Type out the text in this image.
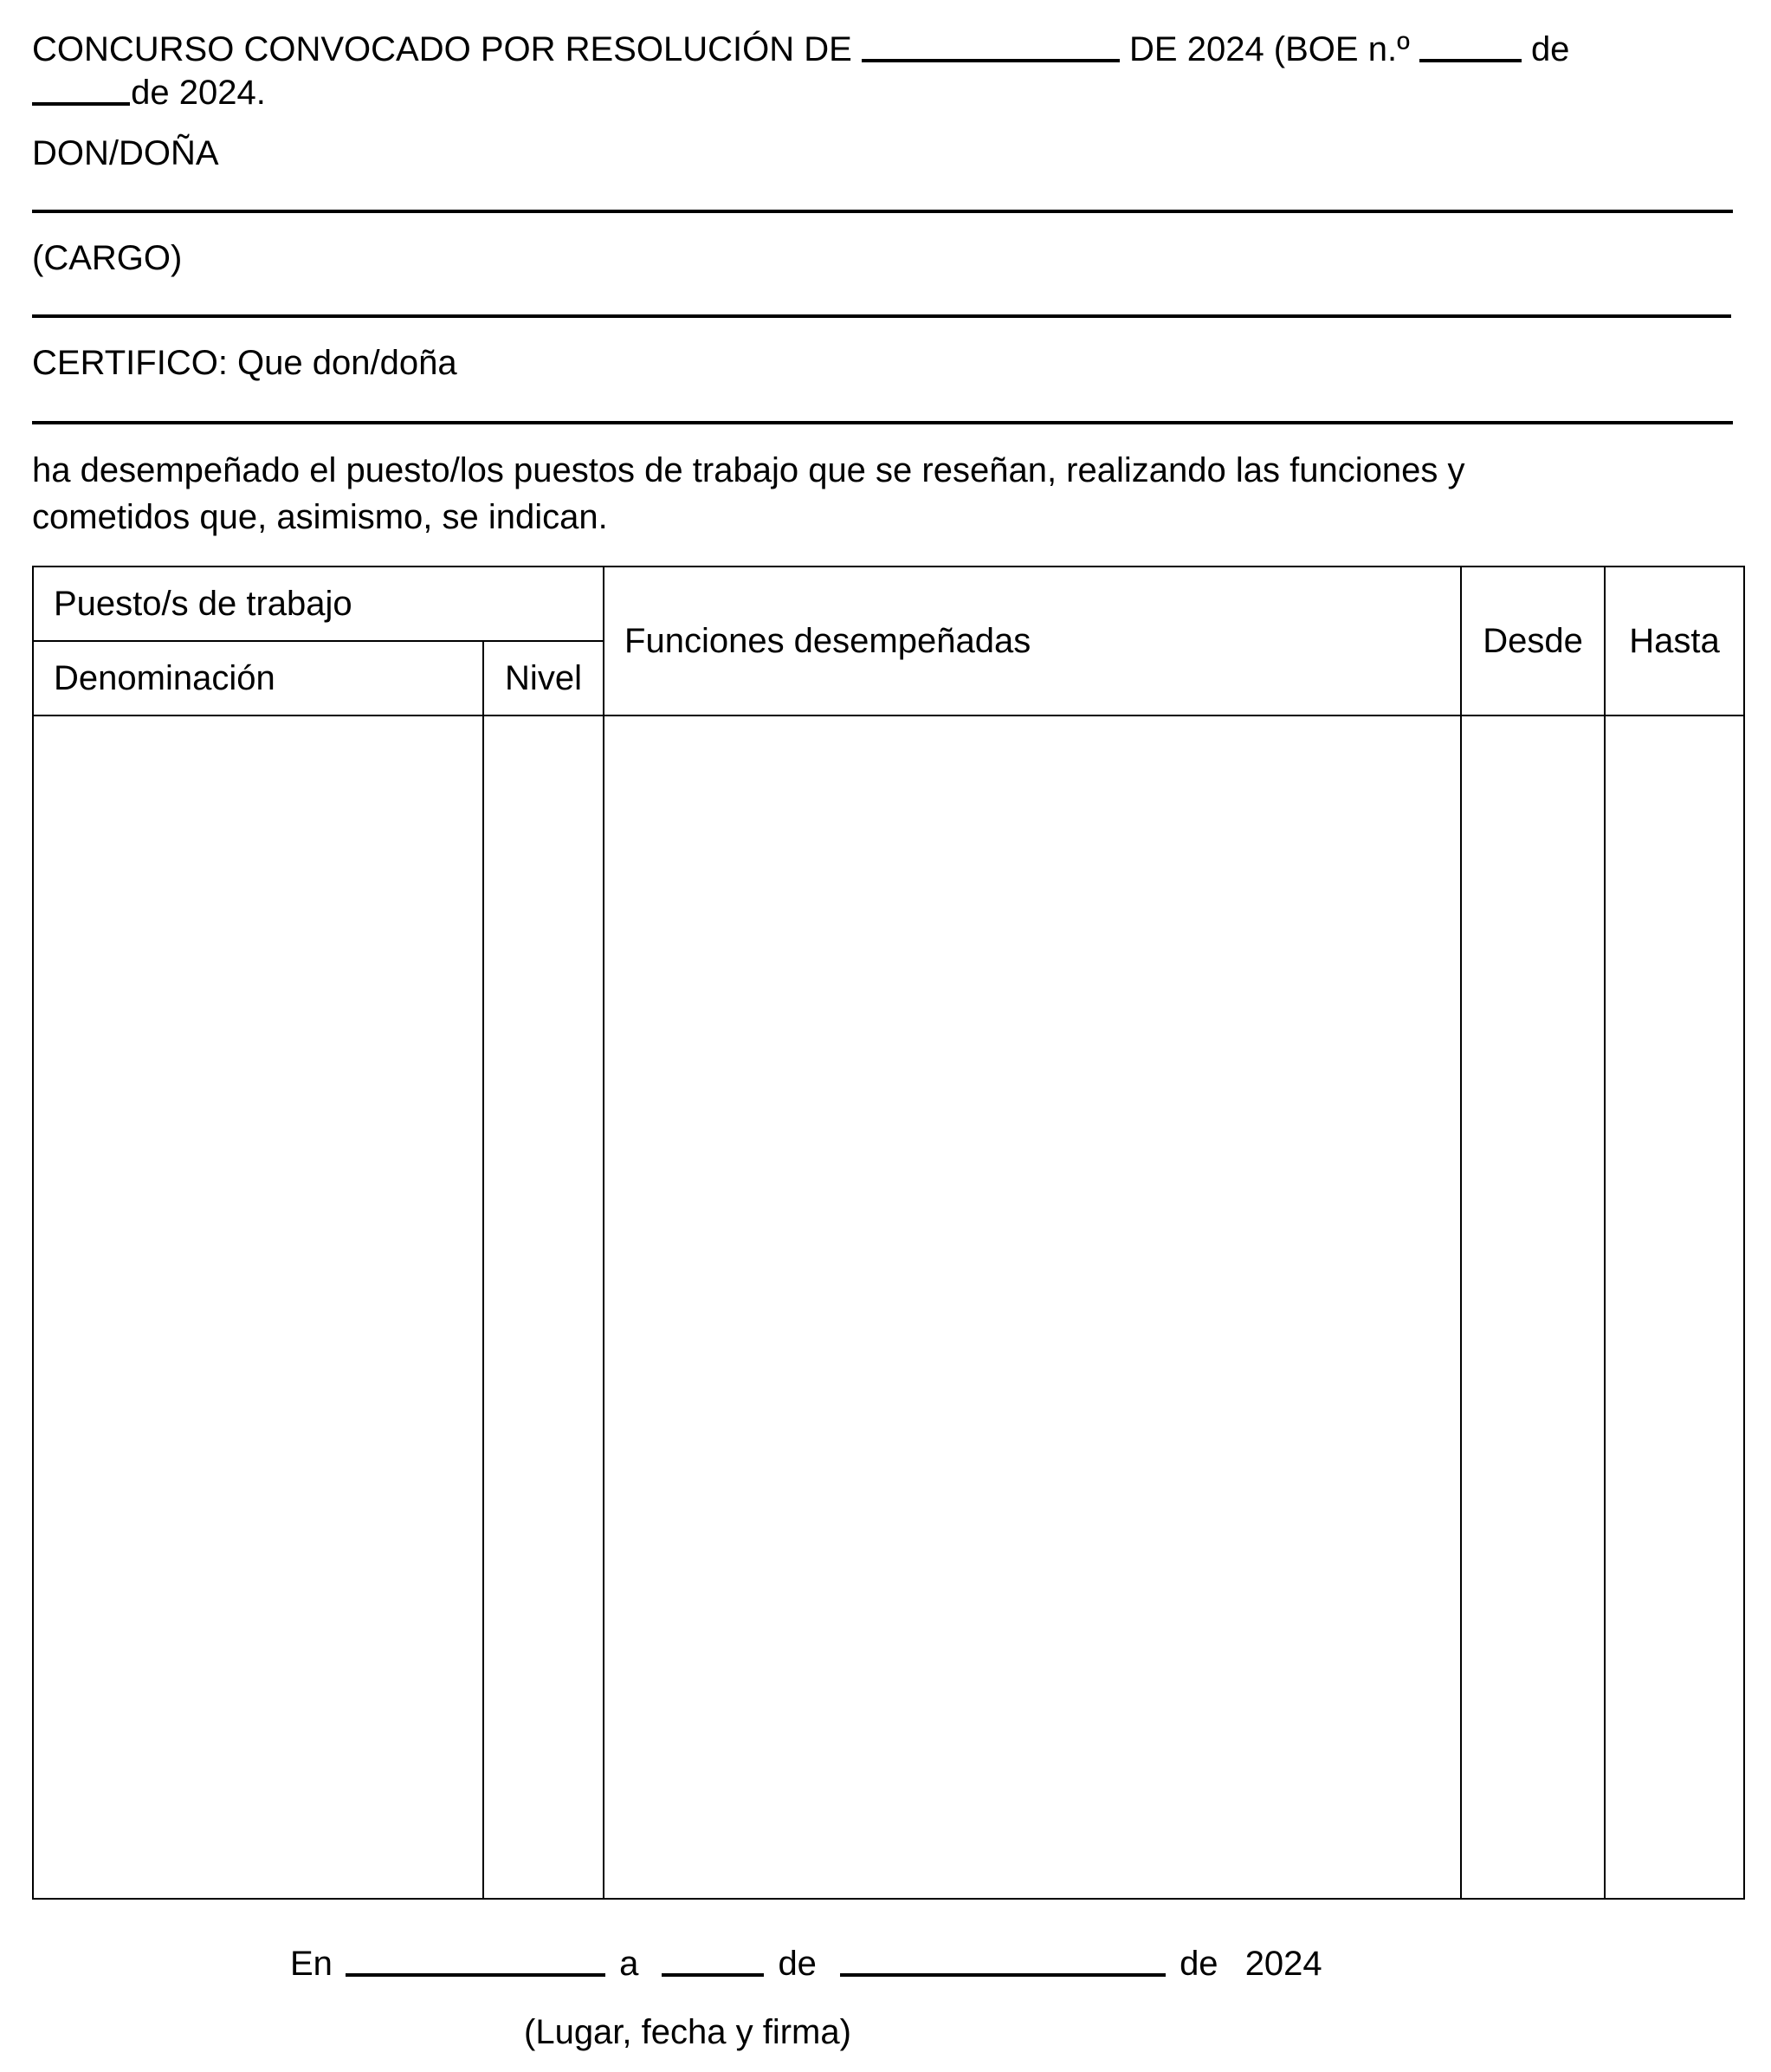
CONCURSO CONVOCADO POR RESOLUCIÓN DE	DE 2024 (BOE n.º	de
de 2024.
DON/DOÑA
(CARGO)
CERTIFICO: Que don/doña
ha desempeñado el puesto/los puestos de trabajo que se reseñan, realizando las funciones y
cometidos que, asimismo, se indican.
Puesto/s de trabajo		Funciones desempeñadas	Desde	Hasta
Denominación	Nivel			

En	a	de	de 2024
(Lugar, fecha y firma)
